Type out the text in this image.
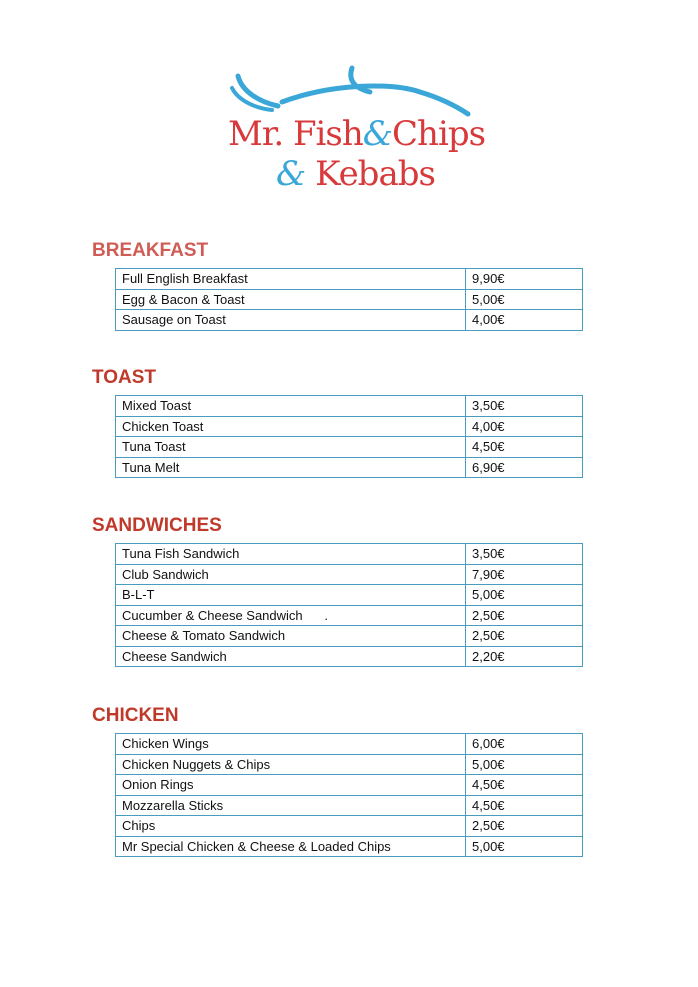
Mr. Fish&Chips
& Kebabs
BREAKFAST
Full English Breakfast	9,90€
Egg & Bacon & Toast	5,00€
Sausage on Toast	4,00€
TOAST
Mixed Toast	3,50€
Chicken Toast	4,00€
Tuna Toast	4,50€
Tuna Melt	6,90€
SANDWICHES
Tuna Fish Sandwich	3,50€
Club Sandwich	7,90€
B-L-T	5,00€
Cucumber & Cheese Sandwich      .	2,50€
Cheese & Tomato Sandwich	2,50€
Cheese Sandwich	2,20€
CHICKEN
Chicken Wings	6,00€
Chicken Nuggets & Chips	5,00€
Onion Rings	4,50€
Mozzarella Sticks	4,50€
Chips	2,50€
Mr Special Chicken & Cheese & Loaded Chips	5,00€
